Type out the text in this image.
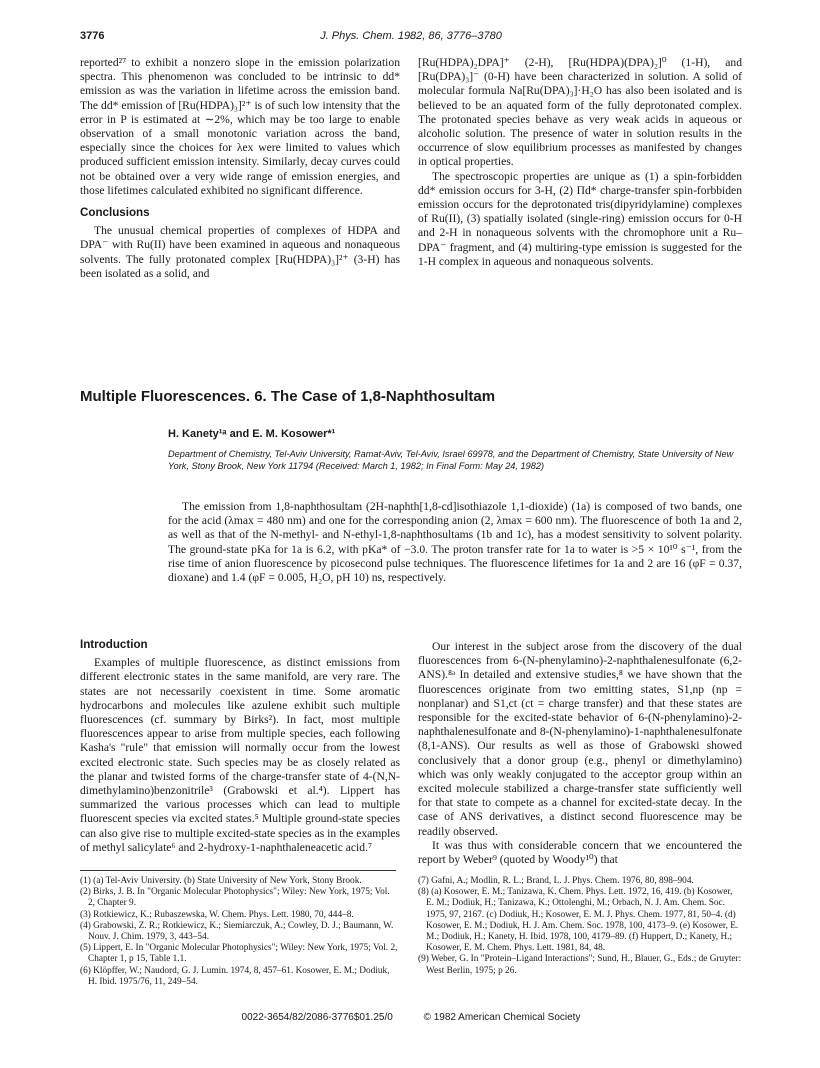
3776	J. Phys. Chem. 1982, 86, 3776–3780

reported²⁷ to exhibit a nonzero slope in the emission polarization spectra. This phenomenon was concluded to be intrinsic to dd* emission as was the variation in lifetime across the emission band. The dd* emission of [Ru(HDPA)₃]²⁺ is of such low intensity that the error in P is estimated at ∼2%, which may be too large to enable observation of a small monotonic variation across the band, especially since the choices for λex were limited to values which produced sufficient emission intensity. Similarly, decay curves could not be obtained over a very wide range of emission energies, and those lifetimes calculated exhibited no significant difference.

Conclusions

The unusual chemical properties of complexes of HDPA and DPA⁻ with Ru(II) have been examined in aqueous and nonaqueous solvents. The fully protonated complex [Ru(HDPA)₃]²⁺ (3-H) has been isolated as a solid, and

[Ru(HDPA)₂DPA]⁺ (2-H), [Ru(HDPA)(DPA)₂]⁰ (1-H), and [Ru(DPA)₃]⁻ (0-H) have been characterized in solution. A solid of molecular formula Na[Ru(DPA)₃]·H₂O has also been isolated and is believed to be an aquated form of the fully deprotonated complex. The protonated species behave as very weak acids in aqueous or alcoholic solution. The presence of water in solution results in the occurrence of slow equilibrium processes as manifested by changes in optical properties.

The spectroscopic properties are unique as (1) a spin-forbidden dd* emission occurs for 3-H, (2) Πd* charge-transfer spin-forbbiden emission occurs for the deprotonated tris(dipyridylamine) complexes of Ru(II), (3) spatially isolated (single-ring) emission occurs for 0-H and 2-H in nonaqueous solvents with the chromophore unit a Ru–DPA⁻ fragment, and (4) multiring-type emission is suggested for the 1-H complex in aqueous and nonaqueous solvents.

Multiple Fluorescences. 6. The Case of 1,8-Naphthosultam
H. Kanety¹ᵃ and E. M. Kosower*¹
Department of Chemistry, Tel-Aviv University, Ramat-Aviv, Tel-Aviv, Israel 69978, and the Department of Chemistry, State University of New York, Stony Brook, New York 11794 (Received: March 1, 1982; In Final Form: May 24, 1982)
The emission from 1,8-naphthosultam (2H-naphth[1,8-cd]isothiazole 1,1-dioxide) (1a) is composed of two bands, one for the acid (λmax = 480 nm) and one for the corresponding anion (2, λmax = 600 nm). The fluorescence of both 1a and 2, as well as that of the N-methyl- and N-ethyl-1,8-naphthosultams (1b and 1c), has a modest sensitivity to solvent polarity. The ground-state pKa for 1a is 6.2, with pKa* of −3.0. The proton transfer rate for 1a to water is >5 × 10¹⁰ s⁻¹, from the rise time of anion fluorescence by picosecond pulse techniques. The fluorescence lifetimes for 1a and 2 are 16 (φF = 0.37, dioxane) and 1.4 (φF = 0.005, H₂O, pH 10) ns, respectively.
Introduction

Examples of multiple fluorescence, as distinct emissions from different electronic states in the same manifold, are very rare. The states are not necessarily coexistent in time. Some aromatic hydrocarbons and molecules like azulene exhibit such multiple fluorescences (cf. summary by Birks²). In fact, most multiple fluorescences appear to arise from multiple species, each following Kasha's "rule" that emission will normally occur from the lowest excited electronic state. Such species may be as closely related as the planar and twisted forms of the charge-transfer state of 4-(N,N-dimethylamino)benzonitrile³ (Grabowski et al.⁴). Lippert has summarized the various processes which can lead to multiple fluorescent species via excited states.⁵ Multiple ground-state species can also give rise to multiple excited-state species as in the examples of methyl salicylate⁶ and 2-hydroxy-1-naphthaleneacetic acid.⁷

Our interest in the subject arose from the discovery of the dual fluorescences from 6-(N-phenylamino)-2-naphthalenesulfonate (6,2-ANS).⁸ᵃ In detailed and extensive studies,⁸ we have shown that the fluorescences originate from two emitting states, S1,np (np = nonplanar) and S1,ct (ct = charge transfer) and that these states are responsible for the excited-state behavior of 6-(N-phenylamino)-2-naphthalenesulfonate and 8-(N-phenylamino)-1-naphthalenesulfonate (8,1-ANS). Our results as well as those of Grabowski showed conclusively that a donor group (e.g., phenyl or dimethylamino) which was only weakly conjugated to the acceptor group within an excited molecule stabilized a charge-transfer state sufficiently well for that state to compete as a channel for excited-state decay. In the case of ANS derivatives, a distinct second fluorescence may be readily observed.

It was thus with considerable concern that we encountered the report by Weber⁹ (quoted by Woody¹⁰) that

(1) (a) Tel-Aviv University. (b) State University of New York, Stony Brook.

(2) Birks, J. B. In "Organic Molecular Photophysics"; Wiley: New York, 1975; Vol. 2, Chapter 9.

(3) Rotkiewicz, K.; Rubaszewska, W. Chem. Phys. Lett. 1980, 70, 444–8.

(4) Grabowski, Z. R.; Rotkiewicz, K.; Siemiarczuk, A.; Cowley, D. J.; Baumann, W. Nouv. J. Chim. 1979, 3, 443–54.

(5) Lippert, E. In "Organic Molecular Photophysics"; Wiley: New York, 1975; Vol. 2, Chapter 1, p 15, Table 1.1.

(6) Klöpffer, W.; Naudord, G. J. Lumin. 1974, 8, 457–61. Kosower, E. M.; Dodiuk, H. Ibid. 1975/76, 11, 249–54.

(7) Gafni, A.; Modlin, R. L.; Brand, L. J. Phys. Chem. 1976, 80, 898–904.

(8) (a) Kosower, E. M.; Tanizawa, K. Chem. Phys. Lett. 1972, 16, 419. (b) Kosower, E. M.; Dodiuk, H.; Tanizawa, K.; Ottolenghi, M.; Orbach, N. J. Am. Chem. Soc. 1975, 97, 2167. (c) Dodiuk, H.; Kosower, E. M. J. Phys. Chem. 1977, 81, 50–4. (d) Kosower, E. M.; Dodiuk, H. J. Am. Chem. Soc. 1978, 100, 4173–9. (e) Kosower, E. M.; Dodiuk, H.; Kanety, H. Ibid. 1978, 100, 4179–89. (f) Huppert, D.; Kanety, H.; Kosower, E. M. Chem. Phys. Lett. 1981, 84, 48.

(9) Weber, G. In "Protein–Ligand Interactions"; Sund, H., Blauer, G., Eds.; de Gruyter: West Berlin, 1975; p 26.

0022-3654/82/2086-3776$01.25/0	© 1982 American Chemical Society
